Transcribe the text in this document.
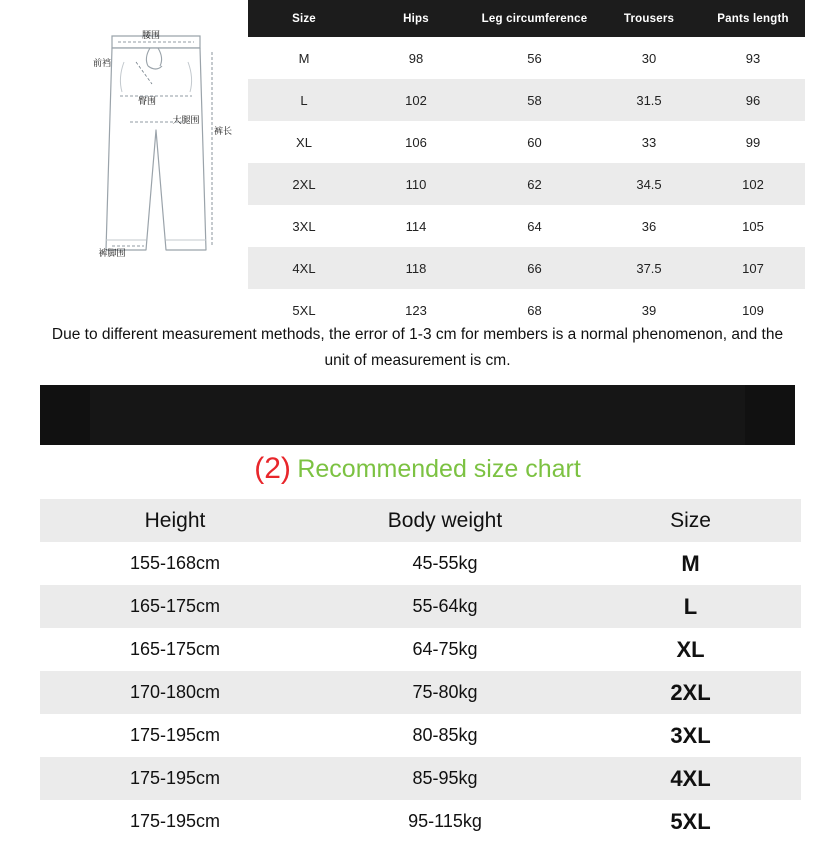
腰围
前裆
臀围
大腿围
裤长
裤脚围
Size	Hips	Leg circumference	Trousers	Pants length
M	98	56	30	93
L	102	58	31.5	96
XL	106	60	33	99
2XL	110	62	34.5	102
3XL	114	64	36	105
4XL	118	66	37.5	107
5XL	123	68	39	109
Due to different measurement methods, the error of 1-3 cm for members is a normal phenomenon, and the unit of measurement is cm.
(2) Recommended size chart
Height	Body weight	Size
155-168cm	45-55kg	M
165-175cm	55-64kg	L
165-175cm	64-75kg	XL
170-180cm	75-80kg	2XL
175-195cm	80-85kg	3XL
175-195cm	85-95kg	4XL
175-195cm	95-115kg	5XL
